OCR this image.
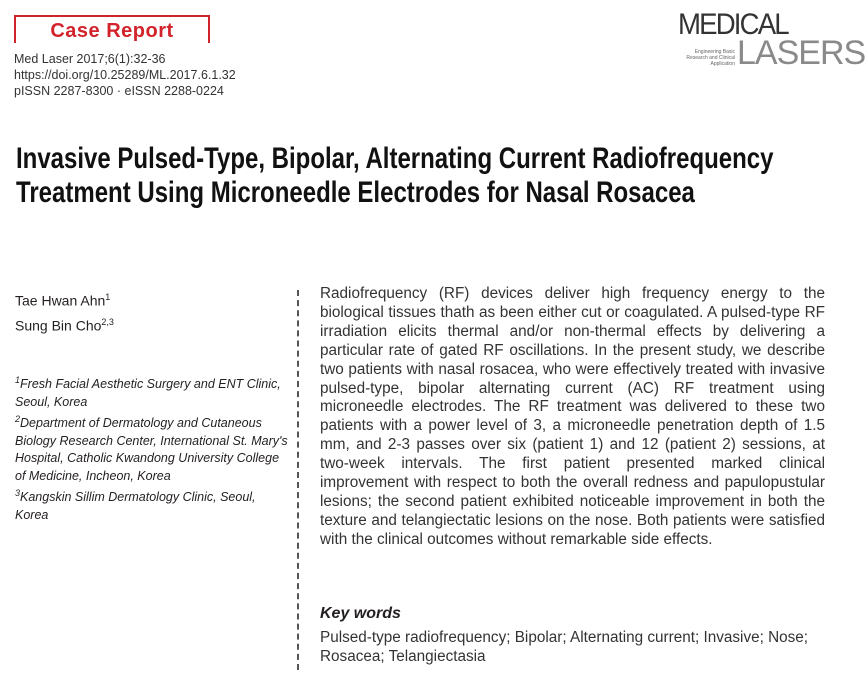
Case Report
Med Laser 2017;6(1):32-36
https://doi.org/10.25289/ML.2017.6.1.32
pISSN 2287-8300 · eISSN 2288-0224
MEDICAL
LASERS
Engineering Basic Research and Clinical Application
Invasive Pulsed-Type, Bipolar, Alternating Current Radiofrequency Treatment Using Microneedle Electrodes for Nasal Rosacea
Tae Hwan Ahn$^1$
Sung Bin Cho$^{2,3}$
$^1$Fresh Facial Aesthetic Surgery and ENT Clinic, Seoul, Korea
$^2$Department of Dermatology and Cutaneous Biology Research Center, International St. Mary's Hospital, Catholic Kwandong University College of Medicine, Incheon, Korea
$^3$Kangskin Sillim Dermatology Clinic, Seoul, Korea
Radiofrequency (RF) devices deliver high frequency energy to the biological tissues thath as been either cut or coagulated. A pulsed-type RF irradiation elicits thermal and/or non-thermal effects by delivering a particular rate of gated RF oscillations. In the present study, we describe two patients with nasal rosacea, who were effectively treated with invasive pulsed-type, bipolar alternating current (AC) RF treatment using microneedle electrodes. The RF treatment was delivered to these two patients with a power level of 3, a microneedle penetration depth of 1.5 mm, and 2-3 passes over six (patient 1) and 12 (patient 2) sessions, at two-week intervals. The first patient presented marked clinical improvement with respect to both the overall redness and papulopustular lesions; the second patient exhibited noticeable improvement in both the texture and telangiectatic lesions on the nose. Both patients were satisfied with the clinical outcomes without remarkable side effects.
Key words
Pulsed-type radiofrequency; Bipolar; Alternating current; Invasive; Nose; Rosacea; Telangiectasia
